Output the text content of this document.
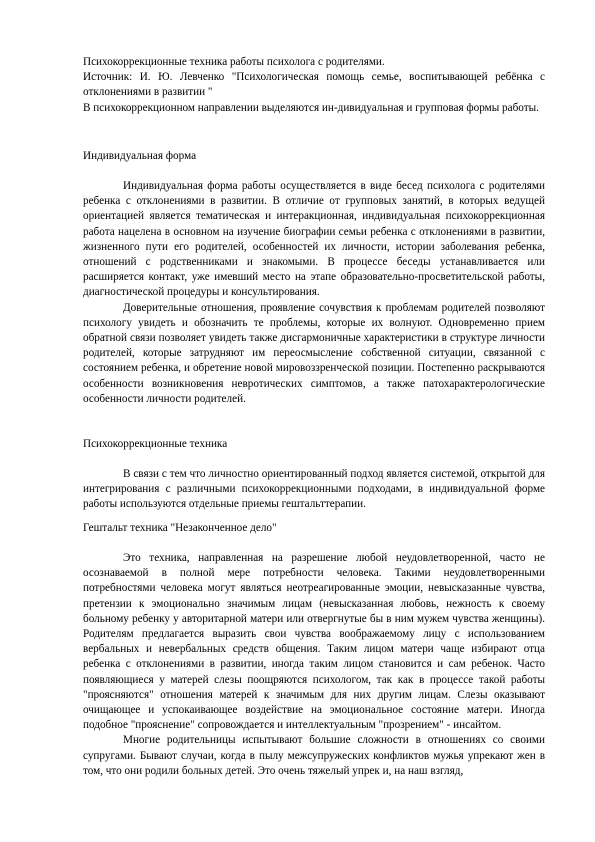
Психокоррекционные техника работы психолога с родителями.
Источник: И. Ю. Левченко "Психологическая помощь семье, воспитывающей ребёнка с отклонениями в развитии "
В психокоррекционном направлении выделяются ин-дивидуальная и групповая формы работы.
Индивидуальная форма

Индивидуальная форма работы осуществляется в виде бесед психолога с родителями ребенка с отклонениями в развитии. В отличие от групповых занятий, в которых ведущей ориентацией является тематическая и интеракционная, индивидуальная психокоррекционная работа нацелена в основном на изучение биографии семьи ребенка с отклонениями в развитии, жизненного пути его родителей, особенностей их личности, истории заболевания ребенка, отношений с родственниками и знакомыми. В процессе беседы устанавливается или расширяется контакт, уже имевший место на этапе образовательно-просветительской работы, диагностической процедуры и консультирования.

Доверительные отношения, проявление сочувствия к проблемам родителей позволяют психологу увидеть и обозначить те проблемы, которые их волнуют. Одновременно прием обратной связи позволяет увидеть также дисгармоничные характеристики в структуре личности родителей, которые затрудняют им переосмысление собственной ситуации, связанной с состоянием ребенка, и обретение новой мировоззренческой позиции. Постепенно раскрываются особенности возникновения невротических симптомов, а также патохарактерологические особенности личности родителей.

Психокоррекционные техника

В связи с тем что личностно ориентированный подход является системой, открытой для интегрирования с различными психокоррекционными подходами, в индивидуальной форме работы используются отдельные приемы гештальттерапии.

Гештальт техника "Незаконченное дело"

Это техника, направленная на разрешение любой неудовлетворенной, часто не осознаваемой в полной мере потребности человека. Такими неудовлетворенными потребностями человека могут являться неотреагированные эмоции, невысказанные чувства, претензии к эмоционально значимым лицам (невысказанная любовь, нежность к своему больному ребенку у авторитарной матери или отвергнутые бы в ним мужем чувства женщины). Родителям предлагается выразить свои чувства воображаемому лицу с использованием вербальных и невербальных средств общения. Таким лицом матери чаще избирают отца ребенка с отклонениями в развитии, иногда таким лицом становится и сам ребенок. Часто появляющиеся у матерей слезы поощряются психологом, так как в процессе такой работы "проясняются" отношения матерей к значимым для них другим лицам. Слезы оказывают очищающее и успокаивающее воздействие на эмоциональное состояние матери. Иногда подобное "прояснение" сопровождается и интеллектуальным "прозрением" - инсайтом.

Многие родительницы испытывают большие сложности в отношениях со своими супругами. Бывают случаи, когда в пылу межсупружеских конфликтов мужья упрекают жен в том, что они родили больных детей. Это очень тяжелый упрек и, на наш взгляд,
